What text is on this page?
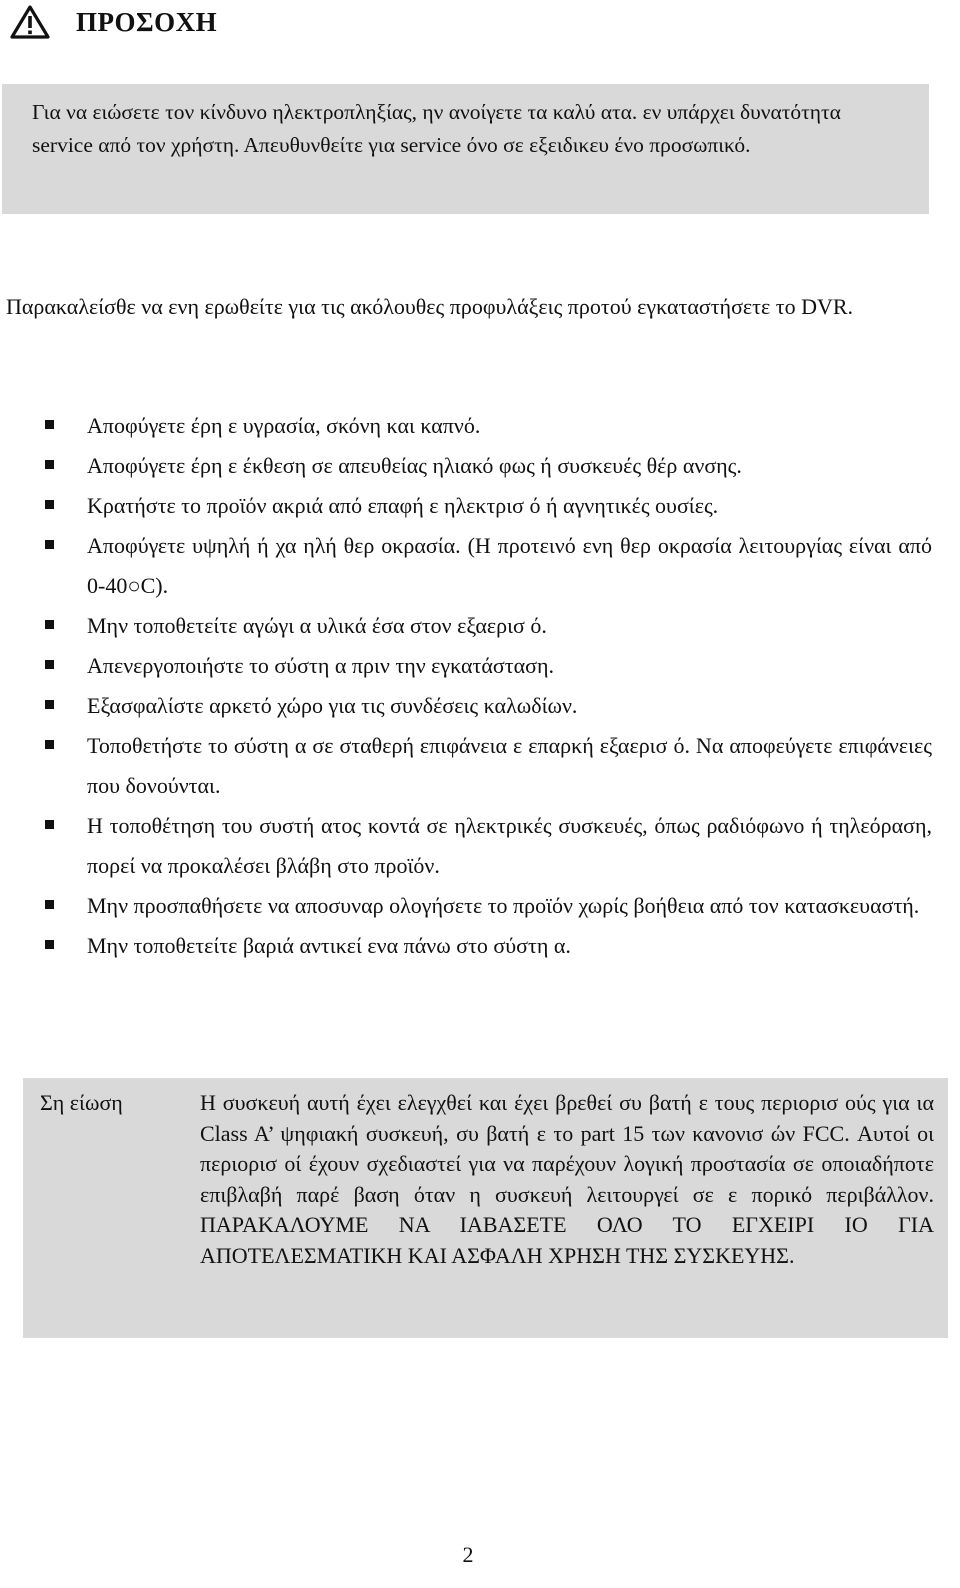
ΠΡΟΣΟΧΗ
Για να ειώσετε τον κίνδυνο ηλεκτροπληξίας, ην ανοίγετε τα καλύ ατα. εν υπάρχει δυνατότητα service από τον χρήστη. Απευθυνθείτε για service όνο σε εξειδικευ ένο προσωπικό.
Παρακαλείσθε να ενη ερωθείτε για τις ακόλουθες προφυλάξεις προτού εγκαταστήσετε το DVR.
Αποφύγετε έρη ε υγρασία, σκόνη και καπνό.
Αποφύγετε έρη ε έκθεση σε απευθείας ηλιακό φως ή συσκευές θέρ ανσης.
Κρατήστε το προϊόν ακριά από επαφή ε ηλεκτρισ ό ή αγνητικές ουσίες.
Αποφύγετε υψηλή ή χα ηλή θερ οκρασία. (Η προτεινό ενη θερ οκρασία λειτουργίας είναι από 0-40○C).
Μην τοποθετείτε αγώγι α υλικά έσα στον εξαερισ ό.
Απενεργοποιήστε το σύστη α πριν την εγκατάσταση.
Εξασφαλίστε αρκετό χώρο για τις συνδέσεις καλωδίων.
Τοποθετήστε το σύστη α σε σταθερή επιφάνεια ε επαρκή εξαερισ ό. Να αποφεύγετε επιφάνειες που δονούνται.
Η τοποθέτηση του συστή ατος κοντά σε ηλεκτρικές συσκευές, όπως ραδιόφωνο ή τηλεόραση, πορεί να προκαλέσει βλάβη στο προϊόν.
Μην προσπαθήσετε να αποσυναρ ολογήσετε το προϊόν χωρίς βοήθεια από τον κατασκευαστή.
Μην τοποθετείτε βαριά αντικεί ενα πάνω στο σύστη α.
Ση είωση	Η συσκευή αυτή έχει ελεγχθεί και έχει βρεθεί συ βατή ε τους περιορισ ούς για ια Class A’ ψηφιακή συσκευή, συ βατή ε το part 15 των κανονισ ών FCC. Αυτοί οι περιορισ οί έχουν σχεδιαστεί για να παρέχουν λογική προστασία σε οποιαδήποτε επιβλαβή παρέ βαση όταν η συσκευή λειτουργεί σε ε πορικό περιβάλλον. ΠΑΡΑΚΑΛΟΥΜΕ ΝΑ ΙΑΒΑΣΕΤΕ ΟΛΟ ΤΟ ΕΓΧΕΙΡΙ ΙΟ ΓΙΑ ΑΠΟΤΕΛΕΣΜΑΤΙΚΗ ΚΑΙ ΑΣΦΑΛΗ ΧΡΗΣΗ ΤΗΣ ΣΥΣΚΕΥΗΣ.
2
